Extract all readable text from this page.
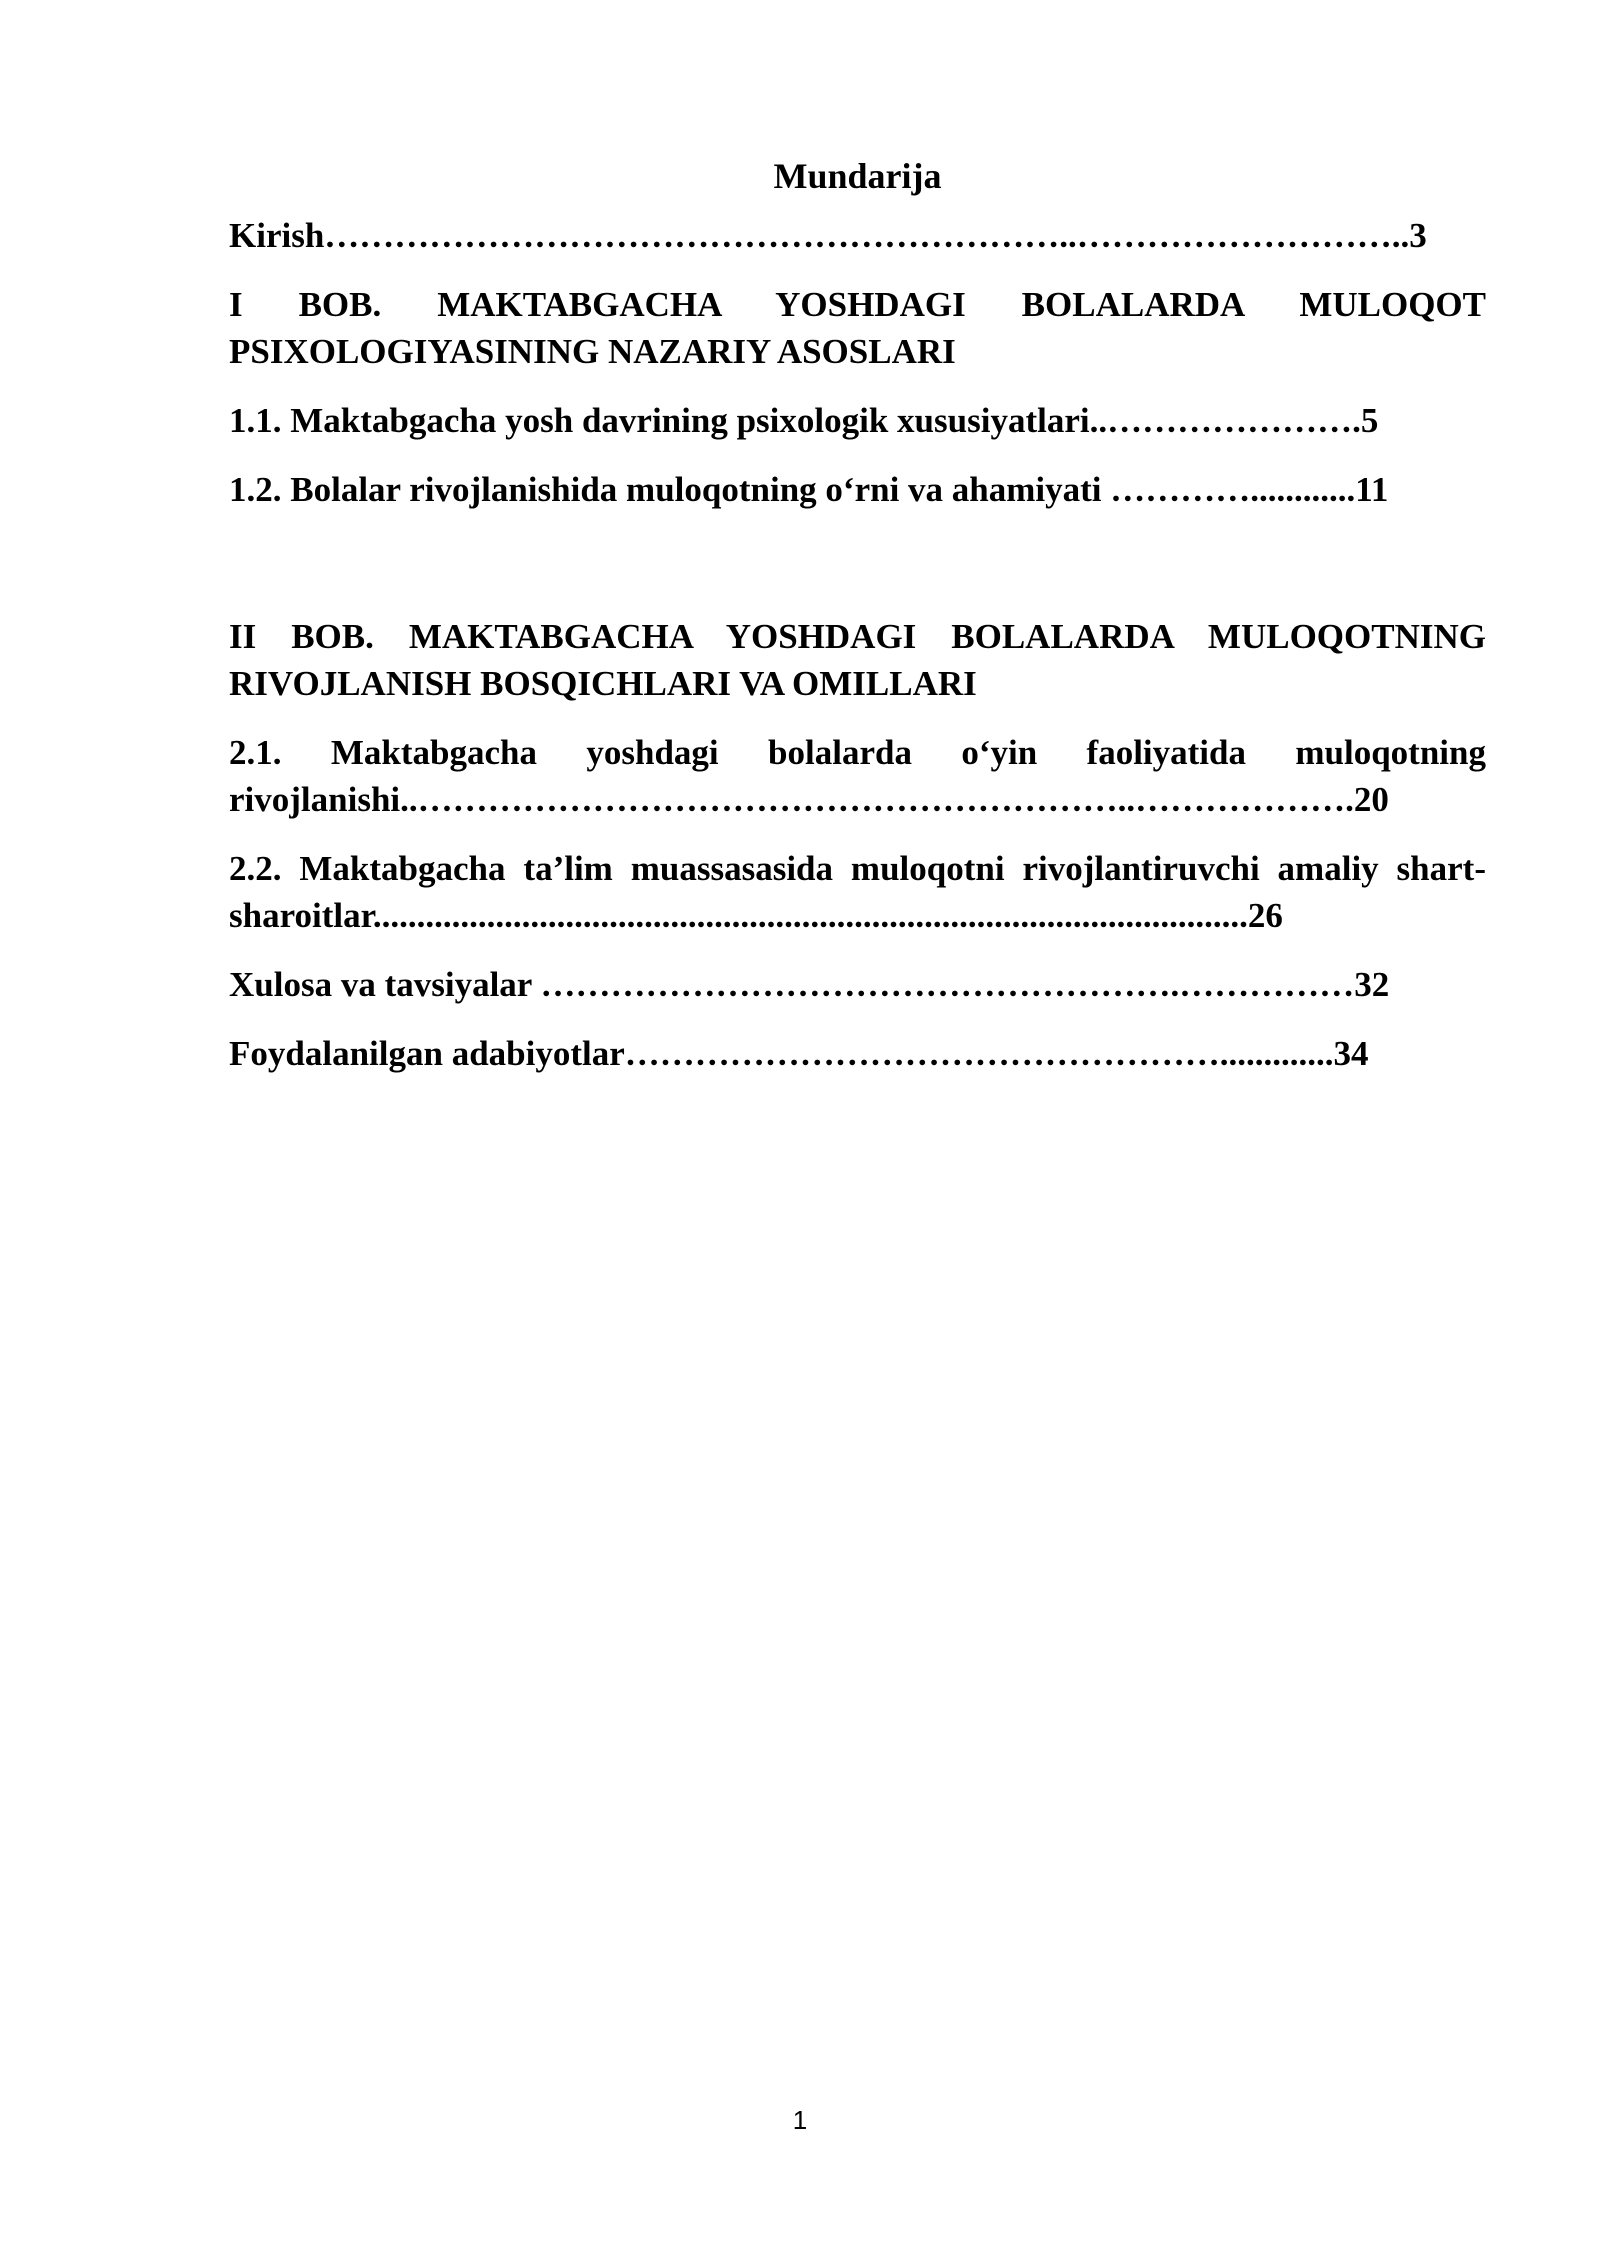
Mundarija
Kirish………………………………………………………..………………………..3
I BOB. MAKTABGACHA YOSHDAGI BOLALARDA MULOQOT PSIXOLOGIYASINING NAZARIY ASOSLARI
1.1. Maktabgacha yosh davrining psixologik xususiyatlari..………………….5
1.2. Bolalar rivojlanishida muloqotning o‘rni va ahamiyati …………............11
II BOB. MAKTABGACHA YOSHDAGI BOLALARDA MULOQOTNING RIVOJLANISH BOSQICHLARI VA OMILLARI
2.1. Maktabgacha yoshdagi bolalarda o‘yin faoliyatida muloqotning rivojlanishi..……………………………………………………..……………….20
2.2. Maktabgacha ta’lim muassasasida muloqotni rivojlantiruvchi amaliy shart-sharoitlar....................................................................................................26
Xulosa va tavsiyalar ……………………………………………….……………32
Foydalanilgan adabiyotlar…………………………………………….............34
1
